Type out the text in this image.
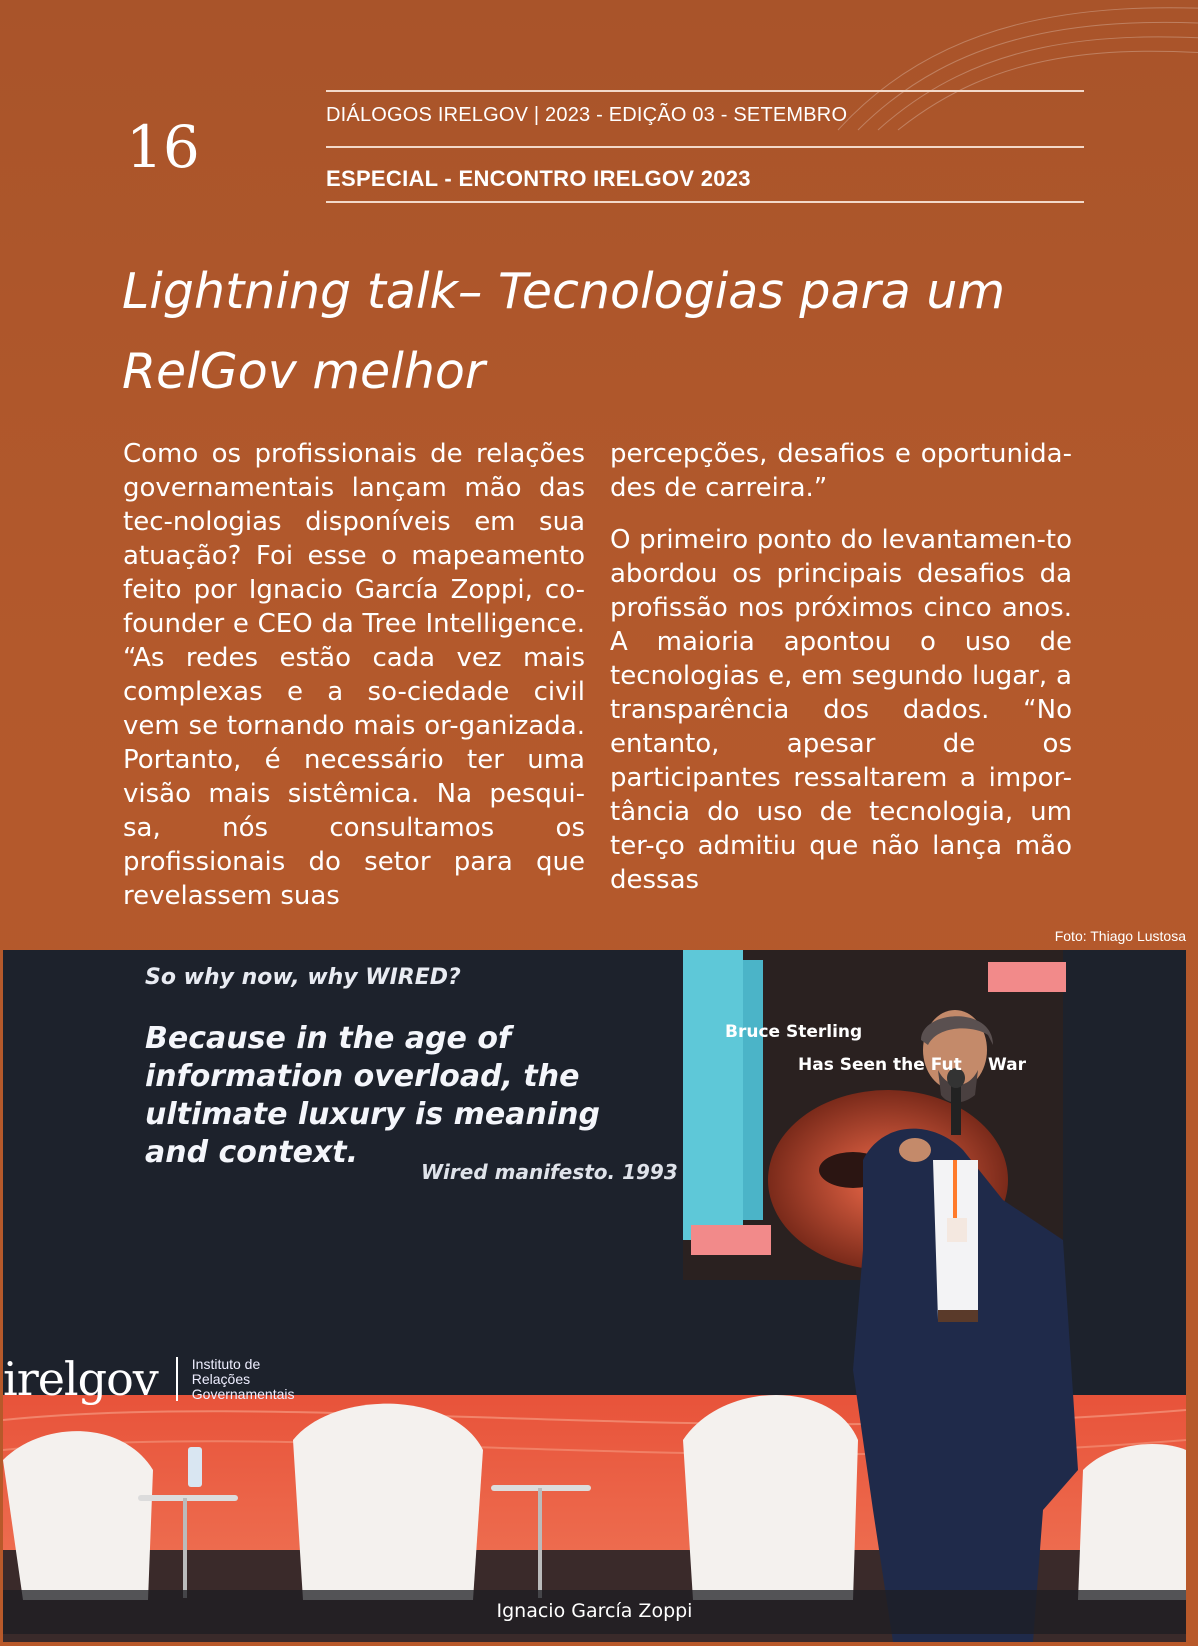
16	DIÁLOGOS IRELGOV | 2023 - EDIÇÃO 03 - SETEMBRO
ESPECIAL - ENCONTRO IRELGOV 2023
Lightning talk– Tecnologias para um RelGov melhor

Como os profissionais de relações governamentais lançam mão das tec-nologias disponíveis em sua atuação? Foi esse o mapeamento feito por Ignacio García Zoppi, co-founder e CEO da Tree Intelligence. “As redes estão cada vez mais complexas e a so-ciedade civil vem se tornando mais or-ganizada. Portanto, é necessário ter uma visão mais sistêmica. Na pesqui-sa, nós consultamos os profissionais do setor para que revelassem suas

percepções, desafios e oportunida-des de carreira.”

O primeiro ponto do levantamen-to abordou os principais desafios da profissão nos próximos cinco anos. A maioria apontou o uso de tecnologias e, em segundo lugar, a transparência dos dados. “No entanto, apesar de os participantes ressaltarem a impor-tância do uso de tecnologia, um ter-ço admitiu que não lança mão dessas

Foto: Thiago Lustosa
So why now, why WIRED?
Because in the age of information overload, the ultimate luxury is meaning and context.
Wired manifesto. 1993
Bruce Sterling
Has Seen the Fut War
irelgov Instituto de Relações Governamentais
Ignacio García Zoppi
